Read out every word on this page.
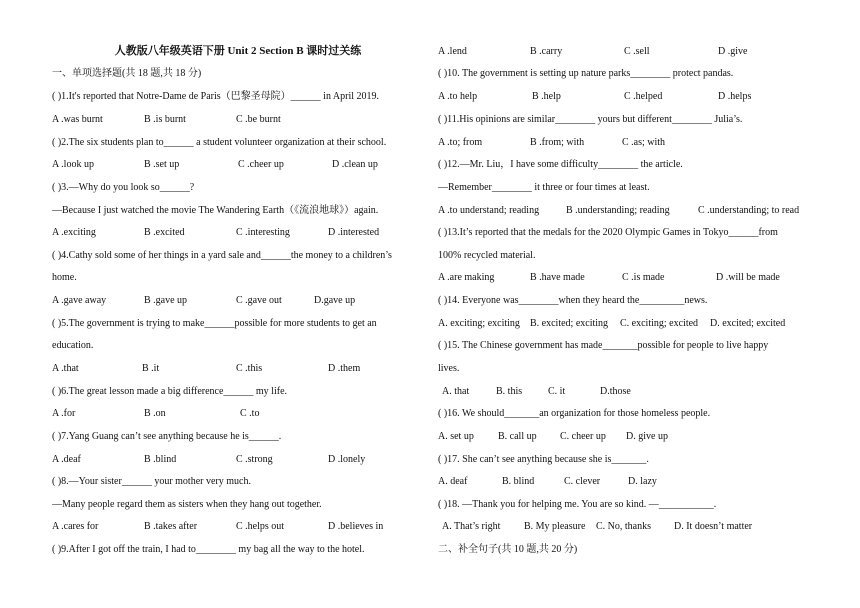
人教版八年级英语下册 Unit 2 Section B 课时过关练
一、单项选择题(共 18 题,共 18 分)
( )1.It's reported that Notre-Dame de Paris（巴黎圣母院）______ in April 2019.
A .was burnt	B .is burnt	C .be burnt
( )2.The six students plan to______ a student volunteer organization at their school.
A .look up	B .set up	C .cheer up	D .clean up
( )3.—Why do you look so______?
—Because I just watched the movie The Wandering Earth（《流浪地球》）again.
A .exciting	B .excited	C .interesting	D .interested
( )4.Cathy sold some of her things in a yard sale and______the money to a children’s
home.
A .gave away	B .gave up	C .gave out	D.gave up
( )5.The government is trying to make______possible for more students to get an
education.
A .that	B .it	C .this	D .them
( )6.The great lesson made a big difference______ my life.
A .for	B .on	C .to
( )7.Yang Guang can’t see anything because he is______.
A .deaf	B .blind	C .strong	D .lonely
( )8.—Your sister______ your mother very much.
—Many people regard them as sisters when they hang out together.
A .cares for	B .takes after	C .helps out	D .believes in
( )9.After I got off the train, I had to________ my bag all the way to the hotel.
A .lend	B .carry	C .sell	D .give
( )10. The government is setting up nature parks________ protect pandas.
A .to help	B .help	C .helped	D .helps
( )11.His opinions are similar________ yours but different________ Julia’s.
A .to; from	B .from; with	C .as; with
( )12.—Mr. Liu，I have some difficulty________ the article.
—Remember________ it three or four times at least.
A .to understand; reading	B .understanding; reading	C .understanding; to read
( )13.It’s reported that the medals for the 2020 Olympic Games in Tokyo______from
100% recycled material.
A .are making	B .have made	C .is made	D .will be made
( )14. Everyone was________when they heard the_________news.
A. exciting; exciting B. excited; exciting C. exciting; excited D. excited; excited
( )15. The Chinese government has made_______possible for people to live happy
lives.
A. that	B. this	C. it	D.those
( )16. We should_______an organization for those homeless people.
A. set up B. call up C. cheer up D. give up
( )17. She can’t see anything because she is_______.
A. deaf	B. blind	C. clever	D. lazy
( )18. —Thank you for helping me. You are so kind. —___________.
A. That’s right B. My pleasure C. No, thanks D. It doesn’t matter
二、补全句子(共 10 题,共 20 分)
